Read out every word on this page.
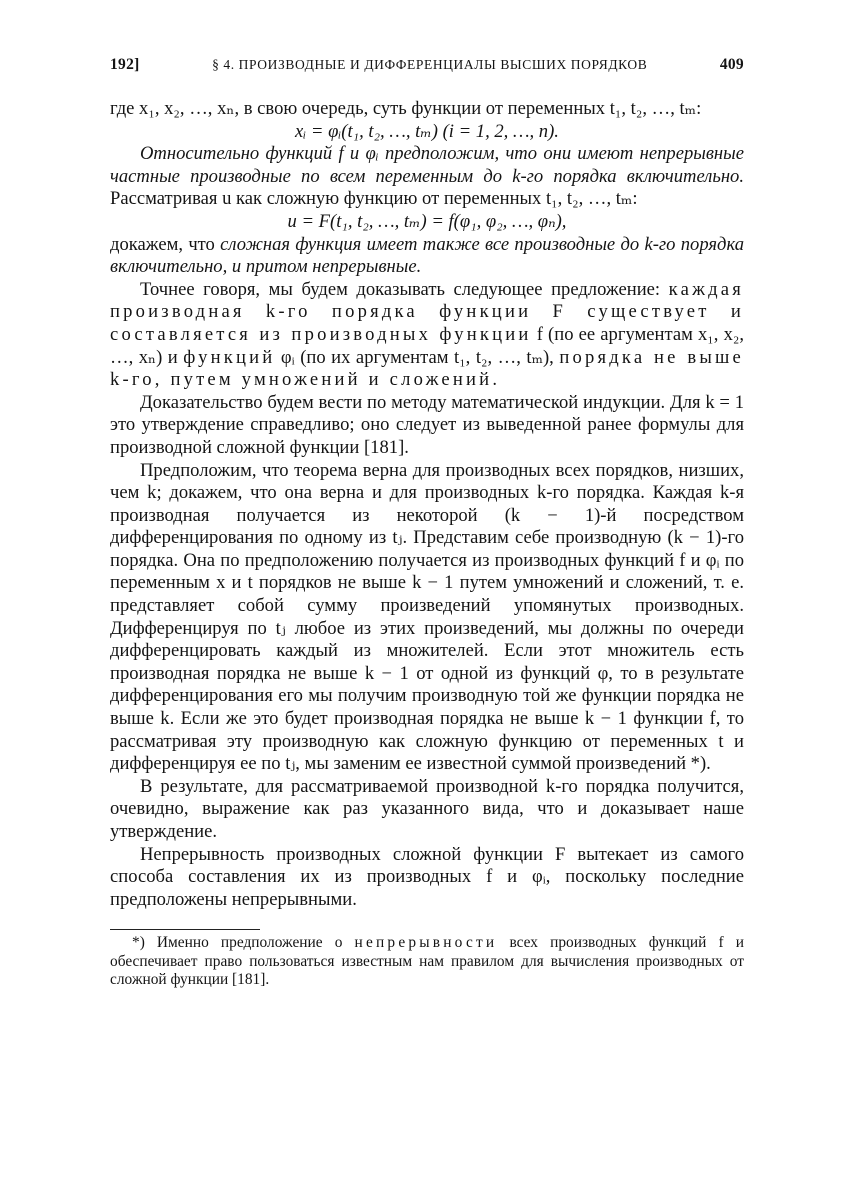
192]	§ 4. ПРОИЗВОДНЫЕ И ДИФФЕРЕНЦИАЛЫ ВЫСШИХ ПОРЯДКОВ	409

где x₁, x₂, …, xₙ, в свою очередь, суть функции от переменных t₁, t₂, …, tₘ:

xᵢ = φᵢ(t₁, t₂, …, tₘ) (i = 1, 2, …, n).

Относительно функций f и φᵢ предположим, что они имеют непрерывные частные производные по всем переменным до k-го порядка включительно. Рассматривая u как сложную функцию от переменных t₁, t₂, …, tₘ:

u = F(t₁, t₂, …, tₘ) = f(φ₁, φ₂, …, φₙ),

докажем, что сложная функция имеет также все производные до k-го порядка включительно, и притом непрерывные.

Точнее говоря, мы будем доказывать следующее предложение: каждая производная k-го порядка функции F существует и составляется из производных функции f (по ее аргументам x₁, x₂, …, xₙ) и функций φᵢ (по их аргументам t₁, t₂, …, tₘ), порядка не выше k-го, путем умножений и сложений.

Доказательство будем вести по методу математической индукции. Для k = 1 это утверждение справедливо; оно следует из выведенной ранее формулы для производной сложной функции [181].

Предположим, что теорема верна для производных всех порядков, низших, чем k; докажем, что она верна и для производных k-го порядка. Каждая k-я производная получается из некоторой (k − 1)-й посредством дифференцирования по одному из tⱼ. Представим себе производную (k − 1)-го порядка. Она по предположению получается из производных функций f и φᵢ по переменным x и t порядков не выше k − 1 путем умножений и сложений, т. е. представляет собой сумму произведений упомянутых производных. Дифференцируя по tⱼ любое из этих произведений, мы должны по очереди дифференцировать каждый из множителей. Если этот множитель есть производная порядка не выше k − 1 от одной из функций φ, то в результате дифференцирования его мы получим производную той же функции порядка не выше k. Если же это будет производная порядка не выше k − 1 функции f, то рассматривая эту производную как сложную функцию от переменных t и дифференцируя ее по tⱼ, мы заменим ее известной суммой произведений *).

В результате, для рассматриваемой производной k-го порядка получится, очевидно, выражение как раз указанного вида, что и доказывает наше утверждение.

Непрерывность производных сложной функции F вытекает из самого способа составления их из производных f и φᵢ, поскольку последние предположены непрерывными.

*) Именно предположение о непрерывности всех производных функций f и обеспечивает право пользоваться известным нам правилом для вычисления производных от сложной функции [181].
